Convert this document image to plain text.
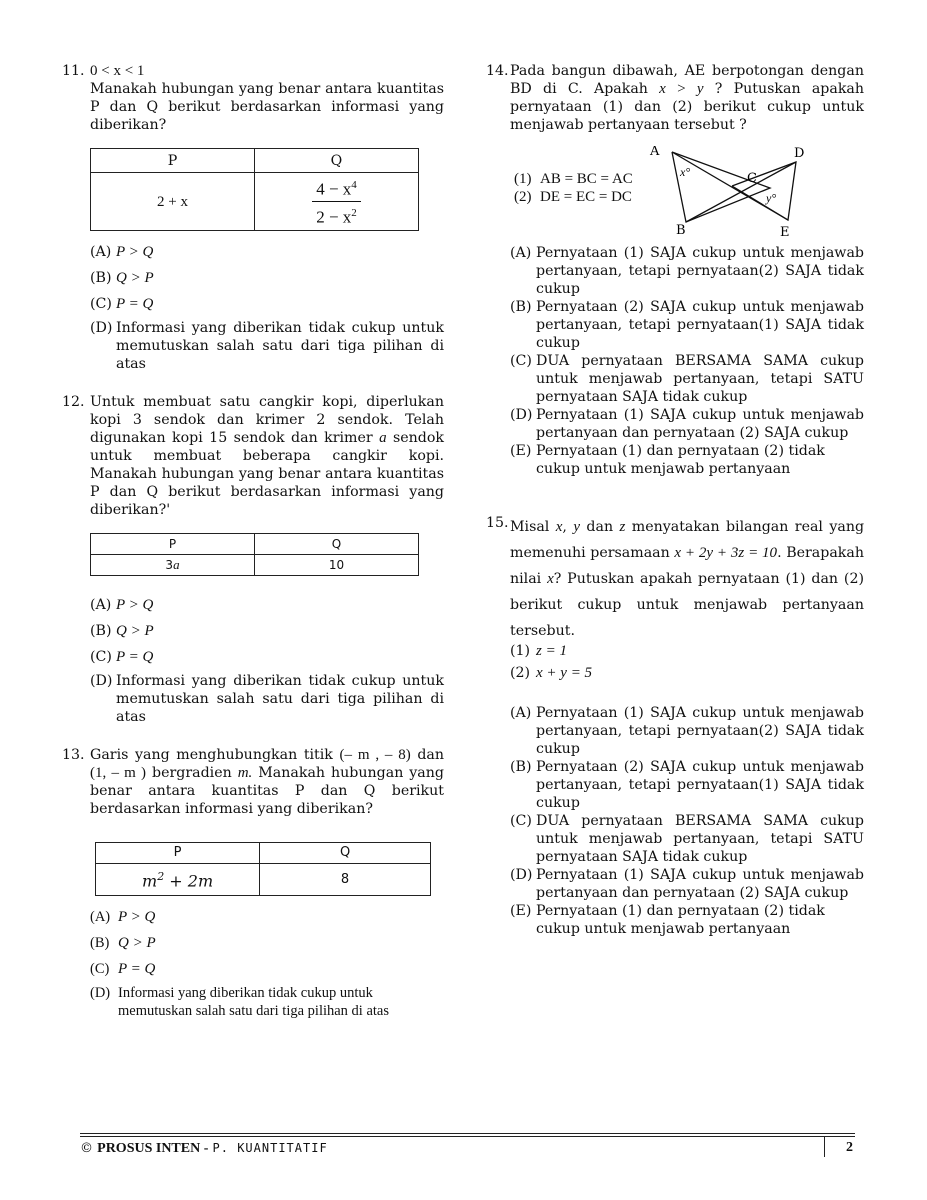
11. 0 < x < 1
Manakah hubungan yang benar antara kuantitas P dan Q berikut berdasarkan informasi yang diberikan?
P	Q
2 + x	$\frac{4 - x^4}{2 - x^2}$
(A) P > Q
(B) Q > P
(C) P = Q
(D) Informasi yang diberikan tidak cukup untuk memutuskan salah satu dari tiga pilihan di atas
12. Untuk membuat satu cangkir kopi, diperlukan kopi 3 sendok dan krimer 2 sendok. Telah digunakan kopi 15 sendok dan krimer a sendok untuk membuat beberapa cangkir kopi. Manakah hubungan yang benar antara kuantitas P dan Q berikut berdasarkan informasi yang diberikan?'
P	Q
3a	10
(A) P > Q
(B) Q > P
(C) P = Q
(D) Informasi yang diberikan tidak cukup untuk memutuskan salah satu dari tiga pilihan di atas
13. Garis yang menghubungkan titik (– m , – 8) dan (1, – m ) bergradien m. Manakah hubungan yang benar antara kuantitas P dan Q berikut berdasarkan informasi yang diberikan?
P	Q
$m^2 + 2m$	8
(A) P > Q
(B) Q > P
(C) P = Q
(D) Informasi yang diberikan tidak cukup untuk memutuskan salah satu dari tiga pilihan di atas
14. Pada bangun dibawah, AE berpotongan dengan BD di C. Apakah x > y ? Putuskan apakah pernyataan (1) dan (2) berikut cukup untuk menjawab pertanyaan tersebut ?
(1) AB = BC = AC
(2) DE = EC = DC
A
B
C
D
E
x°
y°
(A) Pernyataan (1) SAJA cukup untuk menjawab pertanyaan, tetapi pernyataan(2) SAJA tidak cukup
(B) Pernyataan (2) SAJA cukup untuk menjawab pertanyaan, tetapi pernyataan(1) SAJA tidak cukup
(C) DUA pernyataan BERSAMA SAMA cukup untuk menjawab pertanyaan, tetapi SATU pernyataan SAJA tidak cukup
(D) Pernyataan (1) SAJA cukup untuk menjawab pertanyaan dan pernyataan (2) SAJA cukup
(E) Pernyataan (1) dan pernyataan (2) tidak cukup untuk menjawab pertanyaan
15. Misal x, y dan z menyatakan bilangan real yang memenuhi persamaan x + 2y + 3z = 10. Berapakah nilai x? Putuskan apakah pernyataan (1) dan (2) berikut cukup untuk menjawab pertanyaan tersebut.
(1) z = 1
(2) x + y = 5
(A) Pernyataan (1) SAJA cukup untuk menjawab pertanyaan, tetapi pernyataan(2) SAJA tidak cukup
(B) Pernyataan (2) SAJA cukup untuk menjawab pertanyaan, tetapi pernyataan(1) SAJA tidak cukup
(C) DUA pernyataan BERSAMA SAMA cukup untuk menjawab pertanyaan, tetapi SATU pernyataan SAJA tidak cukup
(D) Pernyataan (1) SAJA cukup untuk menjawab pertanyaan dan pernyataan (2) SAJA cukup
(E) Pernyataan (1) dan pernyataan (2) tidak cukup untuk menjawab pertanyaan
© PROSUS INTEN - P. KUANTITATIF	2
